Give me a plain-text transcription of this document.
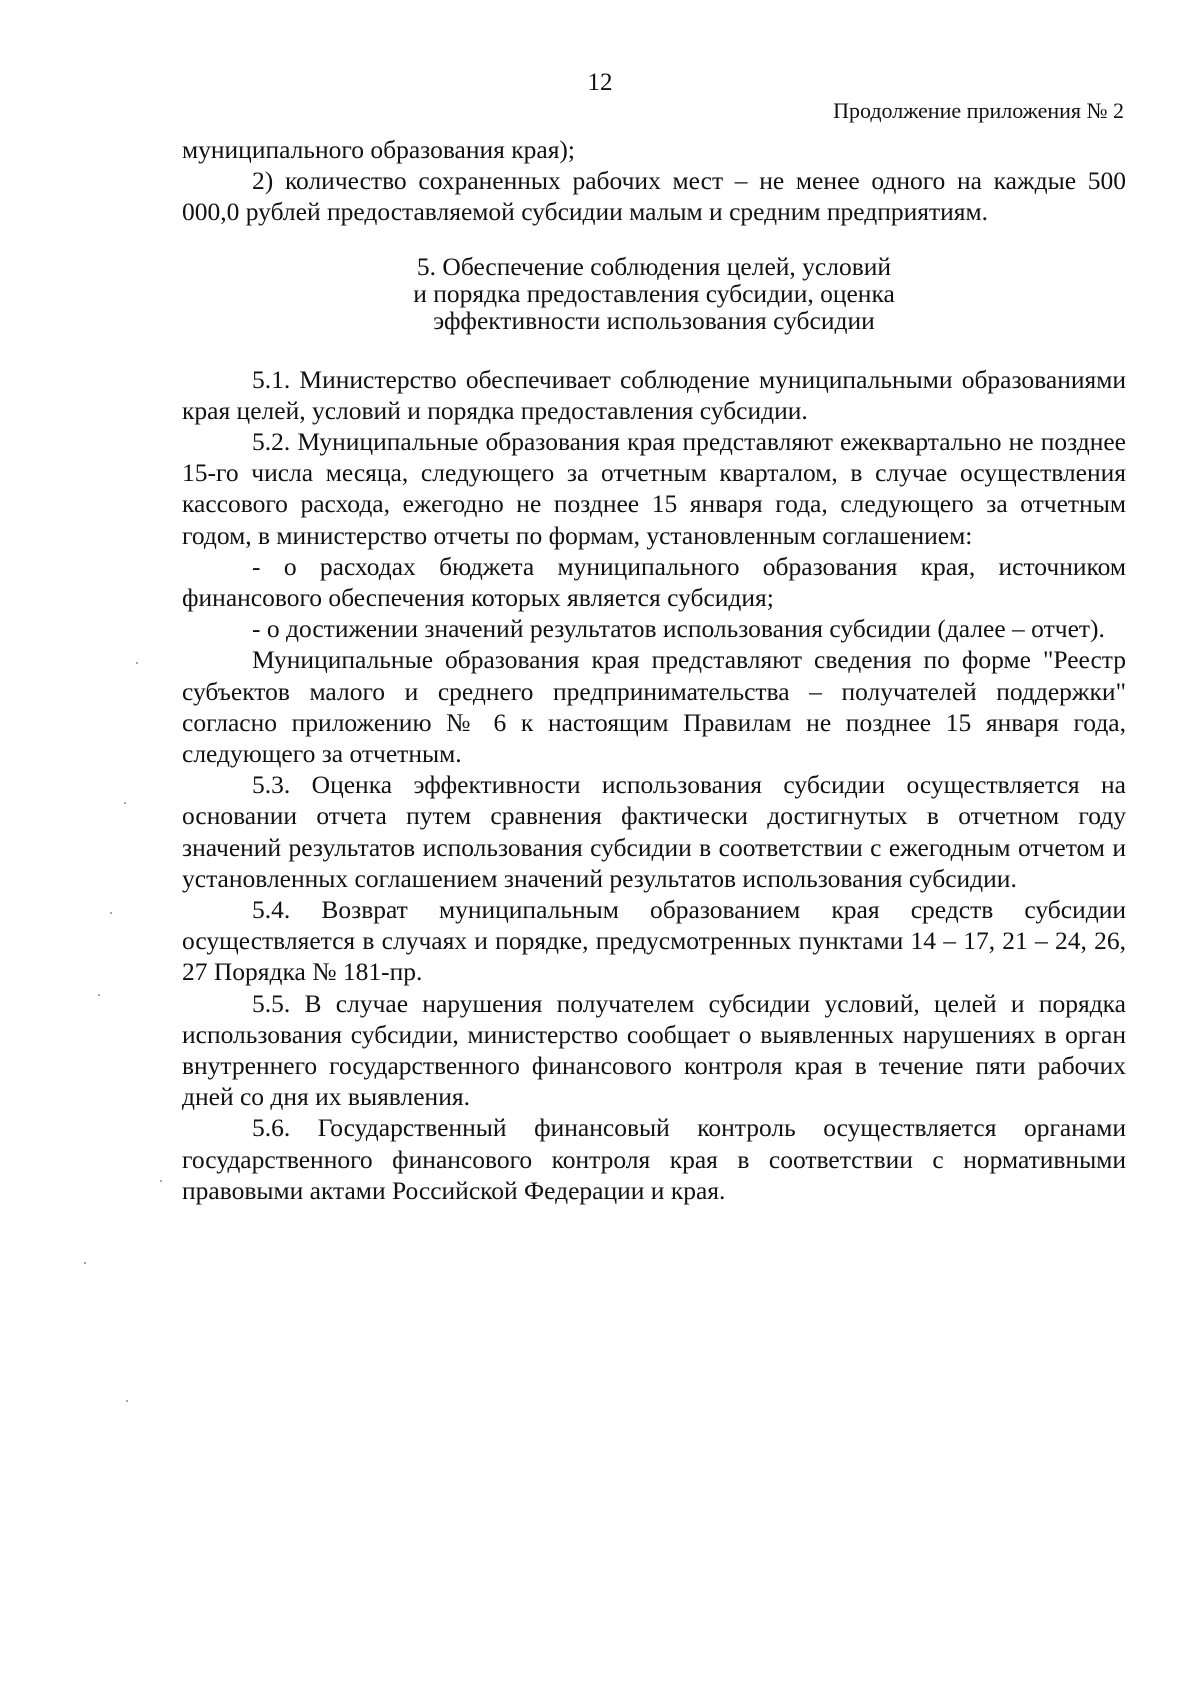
12
Продолжение приложения № 2

муниципального образования края);

2) количество сохраненных рабочих мест – не менее одного на каждые 500 000,0 рублей предоставляемой субсидии малым и средним предприятиям.

5. Обеспечение соблюдения целей, условий
и порядка предоставления субсидии, оценка
эффективности использования субсидии

5.1. Министерство обеспечивает соблюдение муниципальными образованиями края целей, условий и порядка предоставления субсидии.

5.2. Муниципальные образования края представляют ежеквартально не позднее 15-го числа месяца, следующего за отчетным кварталом, в случае осуществления кассового расхода, ежегодно не позднее 15 января года, следующего за отчетным годом, в министерство отчеты по формам, установленным соглашением:

- о расходах бюджета муниципального образования края, источником финансового обеспечения которых является субсидия;

- о достижении значений результатов использования субсидии (далее – отчет).

Муниципальные образования края представляют сведения по форме "Реестр субъектов малого и среднего предпринимательства – получателей поддержки" согласно приложению № 6 к настоящим Правилам не позднее 15 января года, следующего за отчетным.

5.3. Оценка эффективности использования субсидии осуществляется на основании отчета путем сравнения фактически достигнутых в отчетном году значений результатов использования субсидии в соответствии с ежегодным отчетом и установленных соглашением значений результатов использования субсидии.

5.4. Возврат муниципальным образованием края средств субсидии осуществляется в случаях и порядке, предусмотренных пунктами 14 – 17, 21 – 24, 26, 27 Порядка № 181-пр.

5.5. В случае нарушения получателем субсидии условий, целей и порядка использования субсидии, министерство сообщает о выявленных нарушениях в орган внутреннего государственного финансового контроля края в течение пяти рабочих дней со дня их выявления.

5.6. Государственный финансовый контроль осуществляется органами государственного финансового контроля края в соответствии с нормативными правовыми актами Российской Федерации и края.
